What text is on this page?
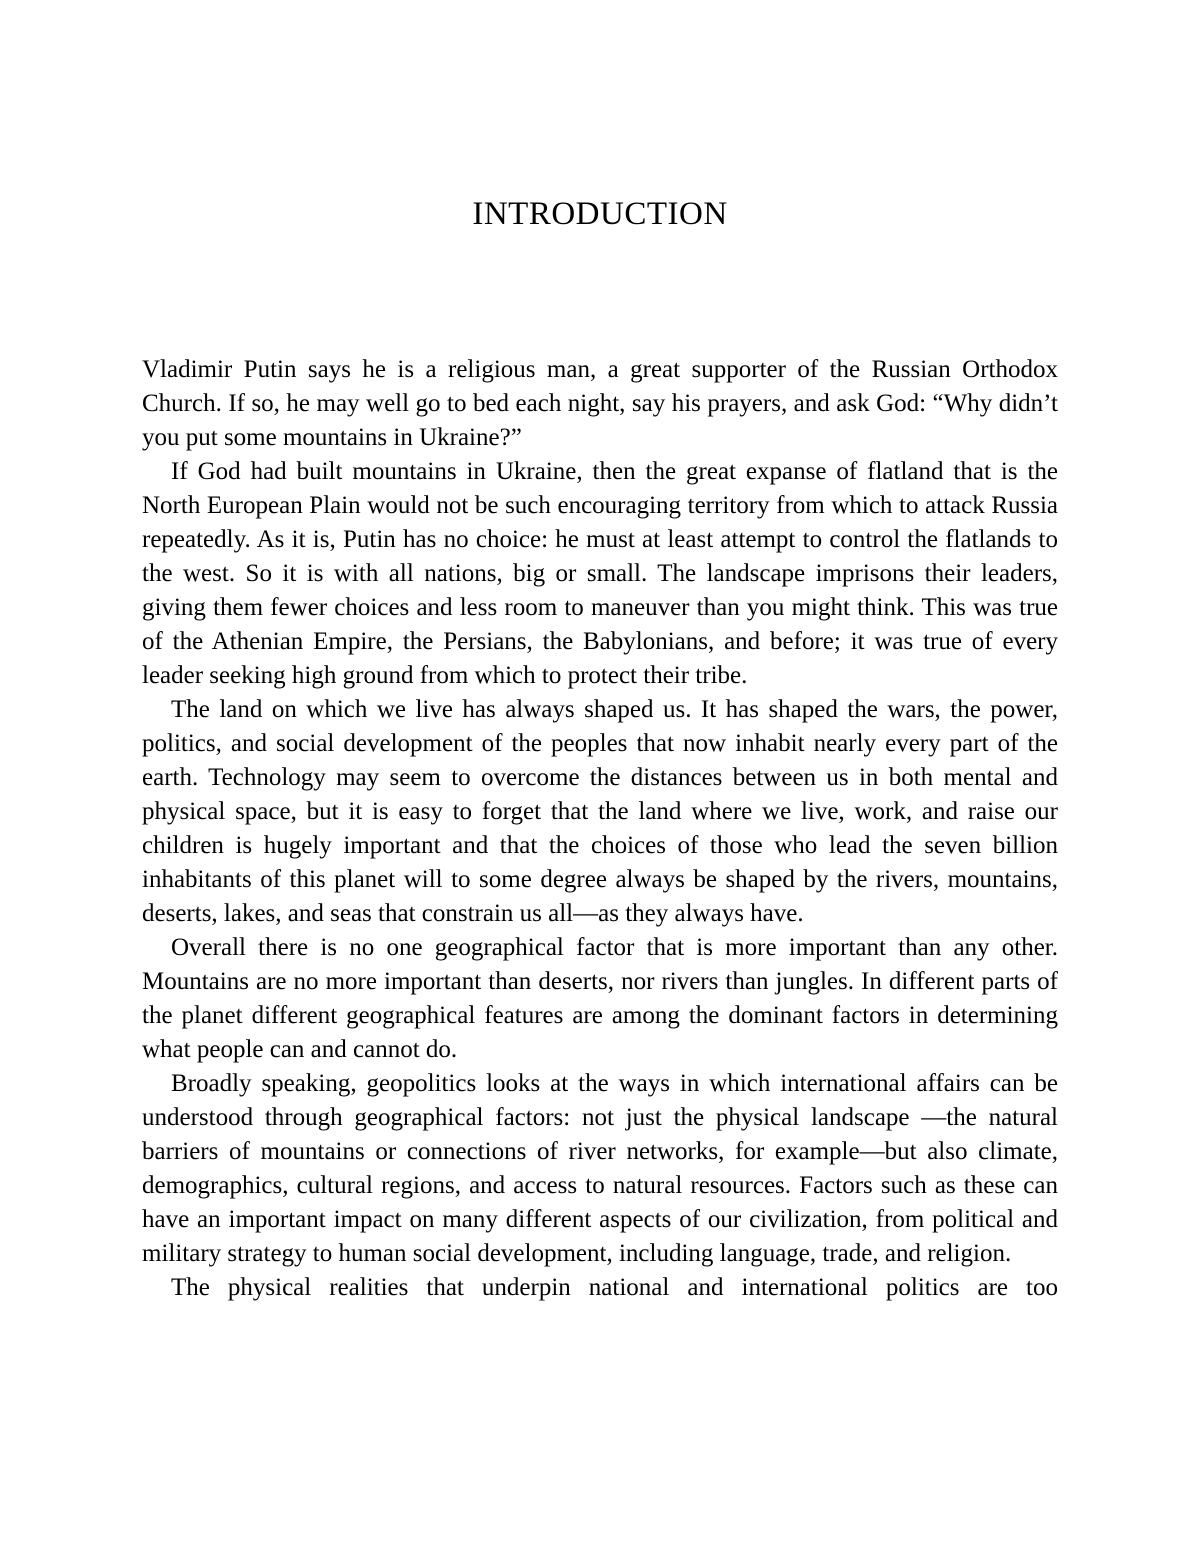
INTRODUCTION

Vladimir Putin says he is a religious man, a great supporter of the Russian Orthodox Church. If so, he may well go to bed each night, say his prayers, and ask God: “Why didn’t you put some mountains in Ukraine?”

If God had built mountains in Ukraine, then the great expanse of flatland that is the North European Plain would not be such encouraging territory from which to attack Russia repeatedly. As it is, Putin has no choice: he must at least attempt to control the flatlands to the west. So it is with all nations, big or small. The landscape imprisons their leaders, giving them fewer choices and less room to maneuver than you might think. This was true of the Athenian Empire, the Persians, the Babylonians, and before; it was true of every leader seeking high ground from which to protect their tribe.

The land on which we live has always shaped us. It has shaped the wars, the power, politics, and social development of the peoples that now inhabit nearly every part of the earth. Technology may seem to overcome the distances between us in both mental and physical space, but it is easy to forget that the land where we live, work, and raise our children is hugely important and that the choices of those who lead the seven billion inhabitants of this planet will to some degree always be shaped by the rivers, mountains, deserts, lakes, and seas that constrain us all—as they always have.

Overall there is no one geographical factor that is more important than any other. Mountains are no more important than deserts, nor rivers than jungles. In different parts of the planet different geographical features are among the dominant factors in determining what people can and cannot do.

Broadly speaking, geopolitics looks at the ways in which international affairs can be understood through geographical factors: not just the physical landscape —the natural barriers of mountains or connections of river networks, for example—but also climate, demographics, cultural regions, and access to natural resources. Factors such as these can have an important impact on many different aspects of our civilization, from political and military strategy to human social development, including language, trade, and religion.

The physical realities that underpin national and international politics are too
